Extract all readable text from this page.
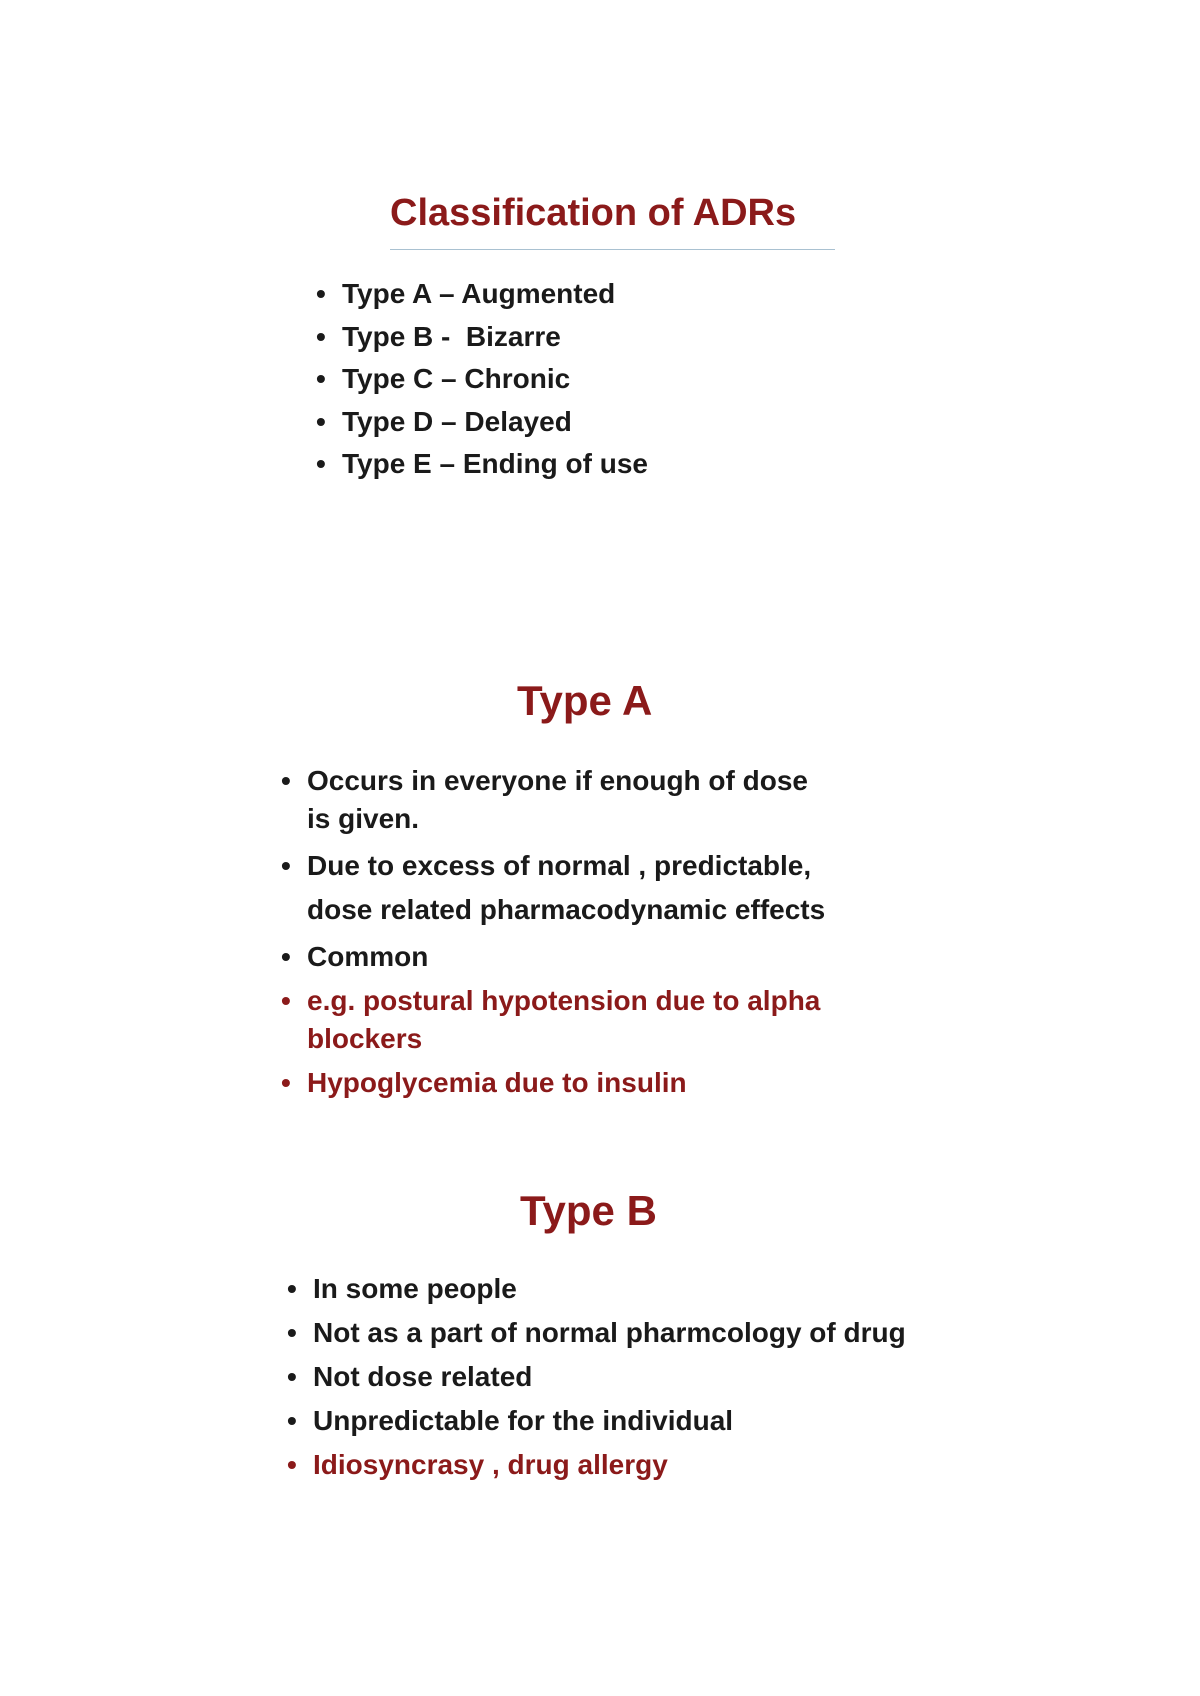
Classification of ADRs
• Type A – Augmented
• Type B -  Bizarre
• Type C – Chronic
• Type D – Delayed
• Type E – Ending of use
Type A
• Occurs in everyone if enough of dose
is given.
• Due to excess of normal , predictable,
dose related pharmacodynamic effects
• Common
• e.g. postural hypotension due to alpha
blockers
• Hypoglycemia due to insulin
Type B
• In some people
• Not as a part of normal pharmcology of drug
• Not dose related
• Unpredictable for the individual
• Idiosyncrasy , drug allergy
